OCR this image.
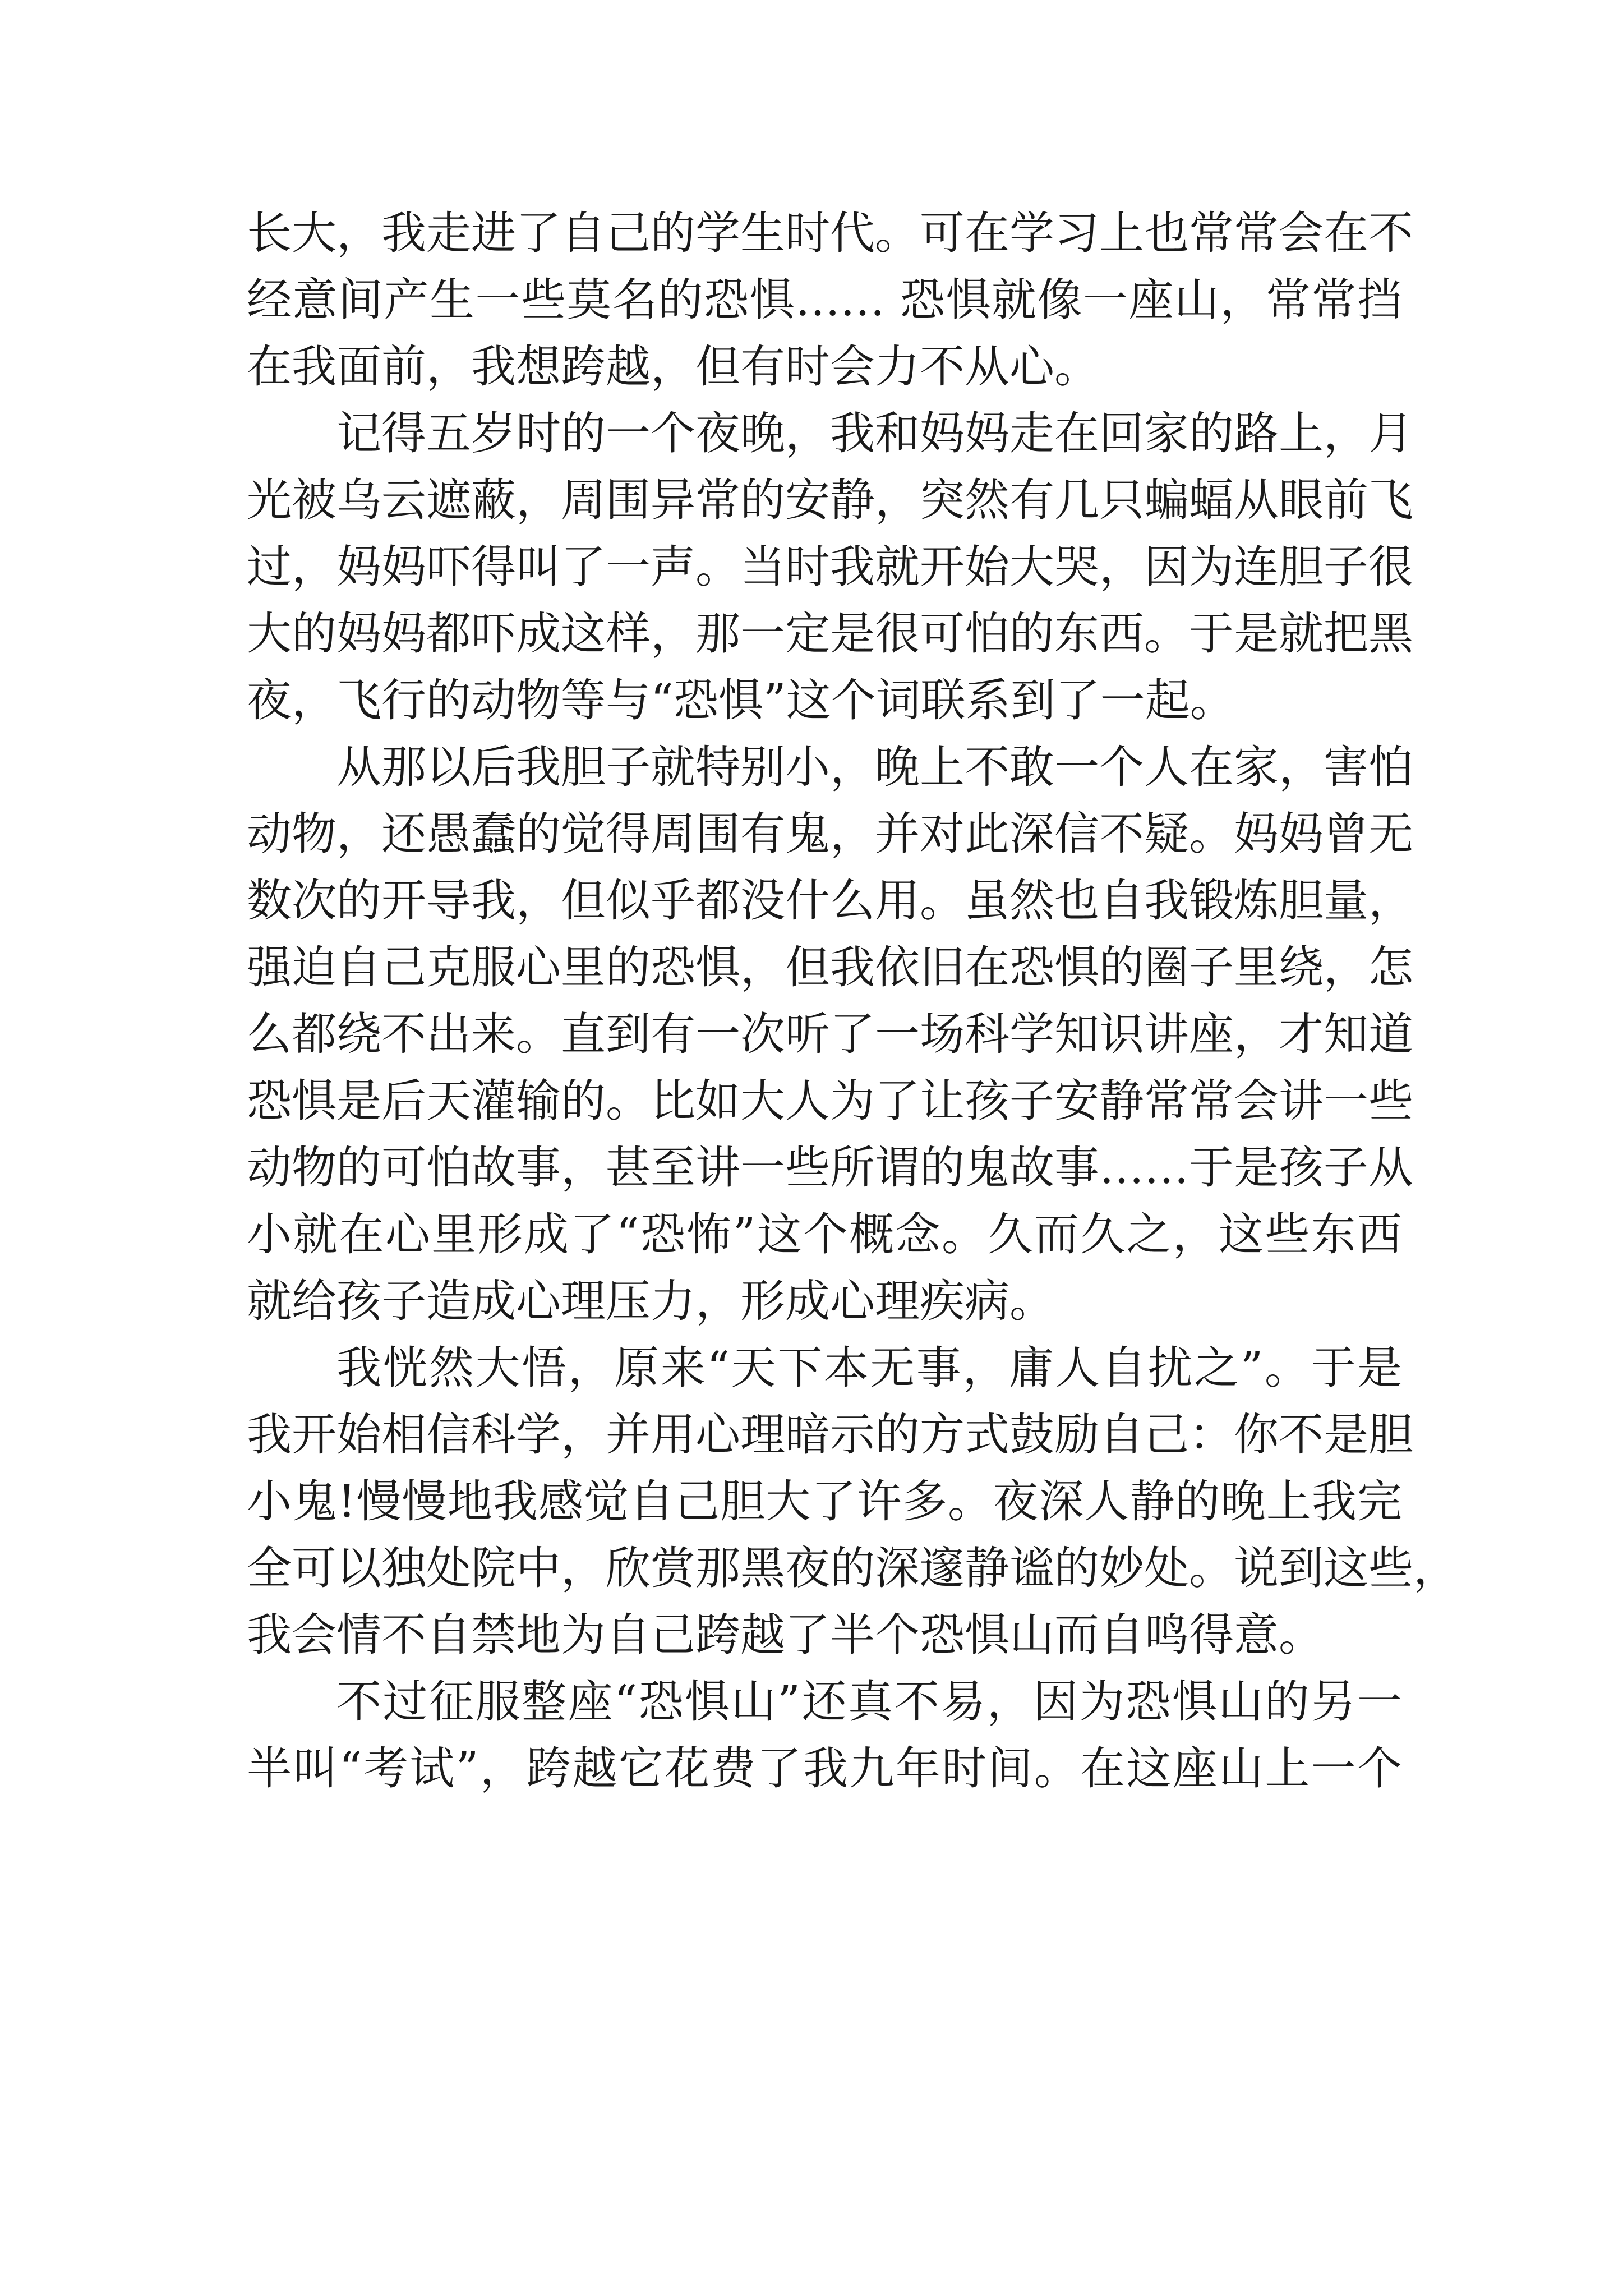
长大，我走进了自己的学生时代。可在学习上也常常会在不
经意间产生一些莫名的恐惧…… 恐惧就像一座山，常常挡
在我面前，我想跨越，但有时会力不从心。
记得五岁时的一个夜晚，我和妈妈走在回家的路上，月
光被乌云遮蔽，周围异常的安静，突然有几只蝙蝠从眼前飞
过，妈妈吓得叫了一声。当时我就开始大哭，因为连胆子很
大的妈妈都吓成这样，那一定是很可怕的东西。于是就把黑
夜，飞行的动物等与“恐惧”这个词联系到了一起。
从那以后我胆子就特别小，晚上不敢一个人在家，害怕
动物，还愚蠢的觉得周围有鬼，并对此深信不疑。妈妈曾无
数次的开导我，但似乎都没什么用。虽然也自我锻炼胆量，
强迫自己克服心里的恐惧，但我依旧在恐惧的圈子里绕，怎
么都绕不出来。直到有一次听了一场科学知识讲座，才知道
恐惧是后天灌输的。比如大人为了让孩子安静常常会讲一些
动物的可怕故事，甚至讲一些所谓的鬼故事……于是孩子从
小就在心里形成了“恐怖”这个概念。久而久之，这些东西
就给孩子造成心理压力，形成心理疾病。
我恍然大悟，原来“天下本无事，庸人自扰之”。于是
我开始相信科学，并用心理暗示的方式鼓励自己：你不是胆
小鬼!慢慢地我感觉自己胆大了许多。夜深人静的晚上我完
全可以独处院中，欣赏那黑夜的深邃静谧的妙处。说到这些，
我会情不自禁地为自己跨越了半个恐惧山而自鸣得意。
不过征服整座“恐惧山”还真不易，因为恐惧山的另一
半叫“考试”，跨越它花费了我九年时间。在这座山上一个
